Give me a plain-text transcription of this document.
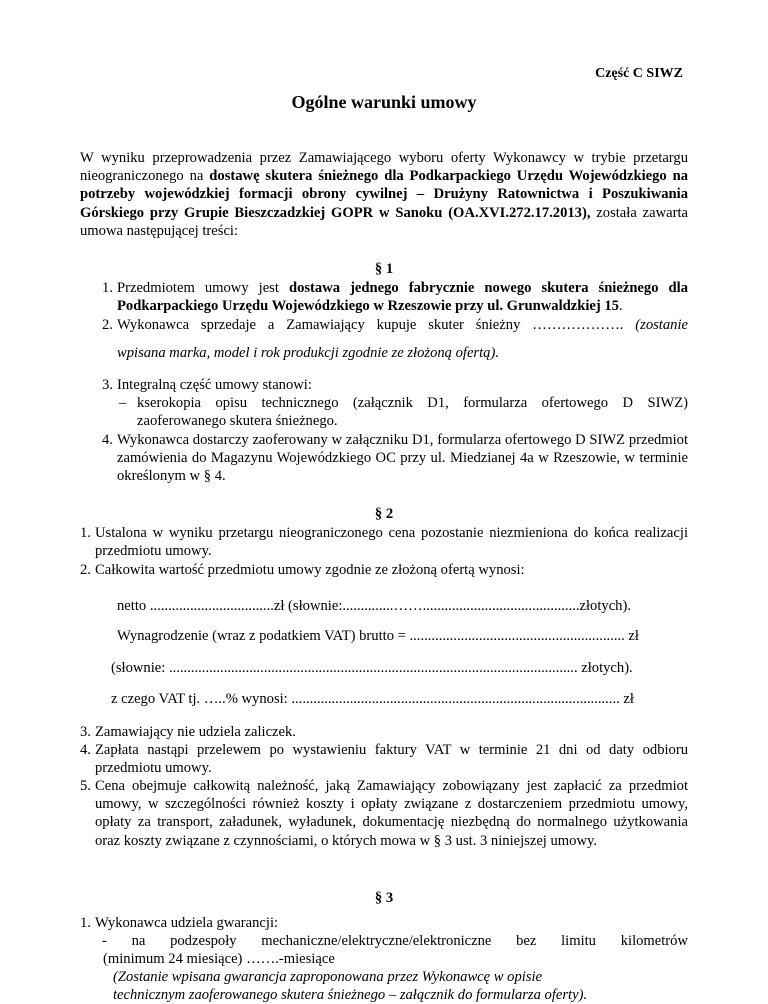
Część C SIWZ
Ogólne warunki umowy
W wyniku przeprowadzenia przez Zamawiającego wyboru oferty Wykonawcy w trybie przetargu nieograniczonego na dostawę skutera śnieżnego dla Podkarpackiego Urzędu Wojewódzkiego na potrzeby wojewódzkiej formacji obrony cywilnej – Drużyny Ratownictwa i Poszukiwania Górskiego przy Grupie Bieszczadzkiej GOPR w Sanoku (OA.XVI.272.17.2013), została zawarta umowa następującej treści:
§ 1
1. Przedmiotem umowy jest dostawa jednego fabrycznie nowego skutera śnieżnego dla Podkarpackiego Urzędu Wojewódzkiego w Rzeszowie przy ul. Grunwaldzkiej 15.
2. Wykonawca sprzedaje a Zamawiający kupuje skuter śnieżny ………………. (zostanie
wpisana marka, model i rok produkcji zgodnie ze złożoną ofertą).
3. Integralną część umowy stanowi:
– kserokopia opisu technicznego (załącznik D1, formularza ofertowego D SIWZ) zaoferowanego skutera śnieżnego.
4. Wykonawca dostarczy zaoferowany w załączniku D1, formularza ofertowego D SIWZ przedmiot zamówienia do Magazynu Wojewódzkiego OC przy ul. Miedzianej 4a w Rzeszowie, w terminie określonym w § 4.
§ 2
1. Ustalona w wyniku przetargu nieograniczonego cena pozostanie niezmieniona do końca realizacji przedmiotu umowy.
2. Całkowita wartość przedmiotu umowy zgodnie ze złożoną ofertą wynosi:
netto ..................................zł (słownie:..............……...........................................złotych).
Wynagrodzenie (wraz z podatkiem VAT) brutto = ........................................................... zł
(słownie: ................................................................................................................ złotych).
z czego VAT tj. …..% wynosi: .......................................................................................... zł
3. Zamawiający nie udziela zaliczek.
4. Zapłata nastąpi przelewem po wystawieniu faktury VAT w terminie 21 dni od daty odbioru przedmiotu umowy.
5. Cena obejmuje całkowitą należność, jaką Zamawiający zobowiązany jest zapłacić za przedmiot umowy, w szczególności również koszty i opłaty związane z dostarczeniem przedmiotu umowy, opłaty za transport, załadunek, wyładunek, dokumentację niezbędną do normalnego użytkowania oraz koszty związane z czynnościami, o których mowa w § 3 ust. 3 niniejszej umowy.
§ 3
1. Wykonawca udziela gwarancji:
- na podzespoły mechaniczne/elektryczne/elektroniczne bez limitu kilometrów
(minimum 24 miesiące) …….-miesiące
(Zostanie wpisana gwarancja zaproponowana przez Wykonawcę w opisie technicznym zaoferowanego skutera śnieżnego – załącznik do formularza oferty).
